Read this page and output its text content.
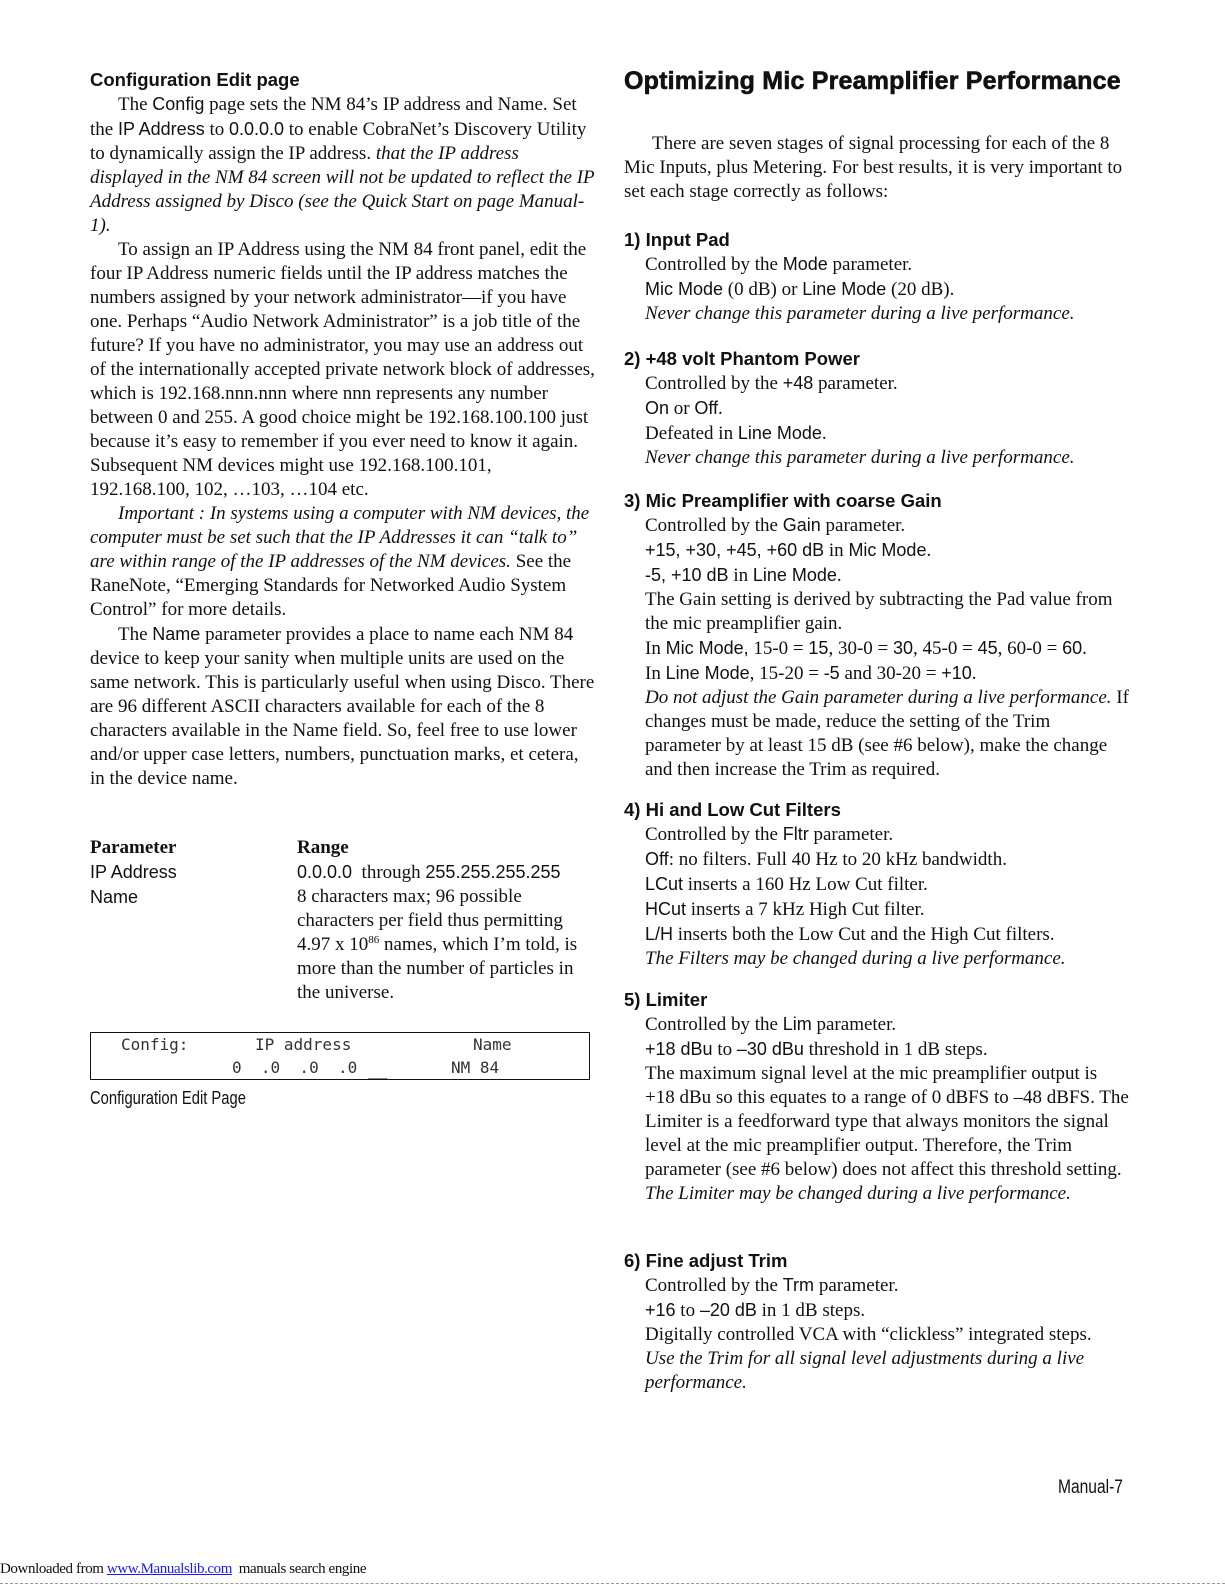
Configuration Edit page

The Config page sets the NM 84’s IP address and Name. Set the IP Address to 0.0.0.0 to enable CobraNet’s Discovery Utility to dynamically assign the IP address. that the IP address displayed in the NM 84 screen will not be updated to reflect the IP Address assigned by Disco (see the Quick Start on page Manual-1).

To assign an IP Address using the NM 84 front panel, edit the four IP Address numeric fields until the IP address matches the numbers assigned by your network administrator—if you have one. Perhaps “Audio Network Administrator” is a job title of the future? If you have no administrator, you may use an address out of the internationally accepted private network block of addresses, which is 192.168.nnn.nnn where nnn represents any number between 0 and 255. A good choice might be 192.168.100.100 just because it’s easy to remember if you ever need to know it again. Subsequent NM devices might use 192.168.100.101, 192.168.100, 102, …103, …104 etc.

Important : In systems using a computer with NM devices, the computer must be set such that the IP Addresses it can “talk to” are within range of the IP addresses of the NM devices. See the RaneNote, “Emerging Standards for Networked Audio System Control” for more details.

The Name parameter provides a place to name each NM 84 device to keep your sanity when multiple units are used on the same network. This is particularly useful when using Disco. There are 96 different ASCII characters available for each of the 8 characters available in the Name field. So, feel free to use lower and/or upper case letters, numbers, punctuation marks, et cetera, in the device name.

Parameter	Range
IP Address	0.0.0.0  through 255.255.255.255
Name	8 characters max; 96 possible characters per field thus permitting 4.97 x $10^{86}$ names, which I’m told, is more than the number of particles in the universe.
Config:	IP address	Name
0  .0  .0  .0 __	NM 84
Configuration Edit Page
Optimizing Mic Preamplifier Performance

There are seven stages of signal processing for each of the 8 Mic Inputs, plus Metering. For best results, it is very important to set each stage correctly as follows:

1) Input Pad
Controlled by the Mode parameter.
Mic Mode (0 dB) or Line Mode (20 dB).
Never change this parameter during a live performance.
2) +48 volt Phantom Power
Controlled by the +48 parameter.
On or Off.
Defeated in Line Mode.
Never change this parameter during a live performance.
3) Mic Preamplifier with coarse Gain
Controlled by the Gain parameter.
+15, +30, +45, +60 dB in Mic Mode.
-5, +10 dB in Line Mode.
The Gain setting is derived by subtracting the Pad value from the mic preamplifier gain.
In Mic Mode, 15-0 = 15, 30-0 = 30, 45-0 = 45, 60-0 = 60.
In Line Mode, 15-20 = -5 and 30-20 = +10.
Do not adjust the Gain parameter during a live performance. If changes must be made, reduce the setting of the Trim parameter by at least 15 dB (see #6 below), make the change and then increase the Trim as required.
4) Hi and Low Cut Filters
Controlled by the Fltr parameter.
Off: no filters. Full 40 Hz to 20 kHz bandwidth.
LCut inserts a 160 Hz Low Cut filter.
HCut inserts a 7 kHz High Cut filter.
L/H inserts both the Low Cut and the High Cut filters.
The Filters may be changed during a live performance.
5) Limiter
Controlled by the Lim parameter.
+18 dBu to –30 dBu threshold in 1 dB steps.
The maximum signal level at the mic preamplifier output is +18 dBu so this equates to a range of 0 dBFS to –48 dBFS. The Limiter is a feedforward type that always monitors the signal level at the mic preamplifier output. Therefore, the Trim parameter (see #6 below) does not affect this threshold setting. The Limiter may be changed during a live performance.
6) Fine adjust Trim
Controlled by the Trm parameter.
+16 to –20 dB in 1 dB steps.
Digitally controlled VCA with “clickless” integrated steps.
Use the Trim for all signal level adjustments during a live performance.
Manual-7
Downloaded from www.Manualslib.com  manuals search engine
